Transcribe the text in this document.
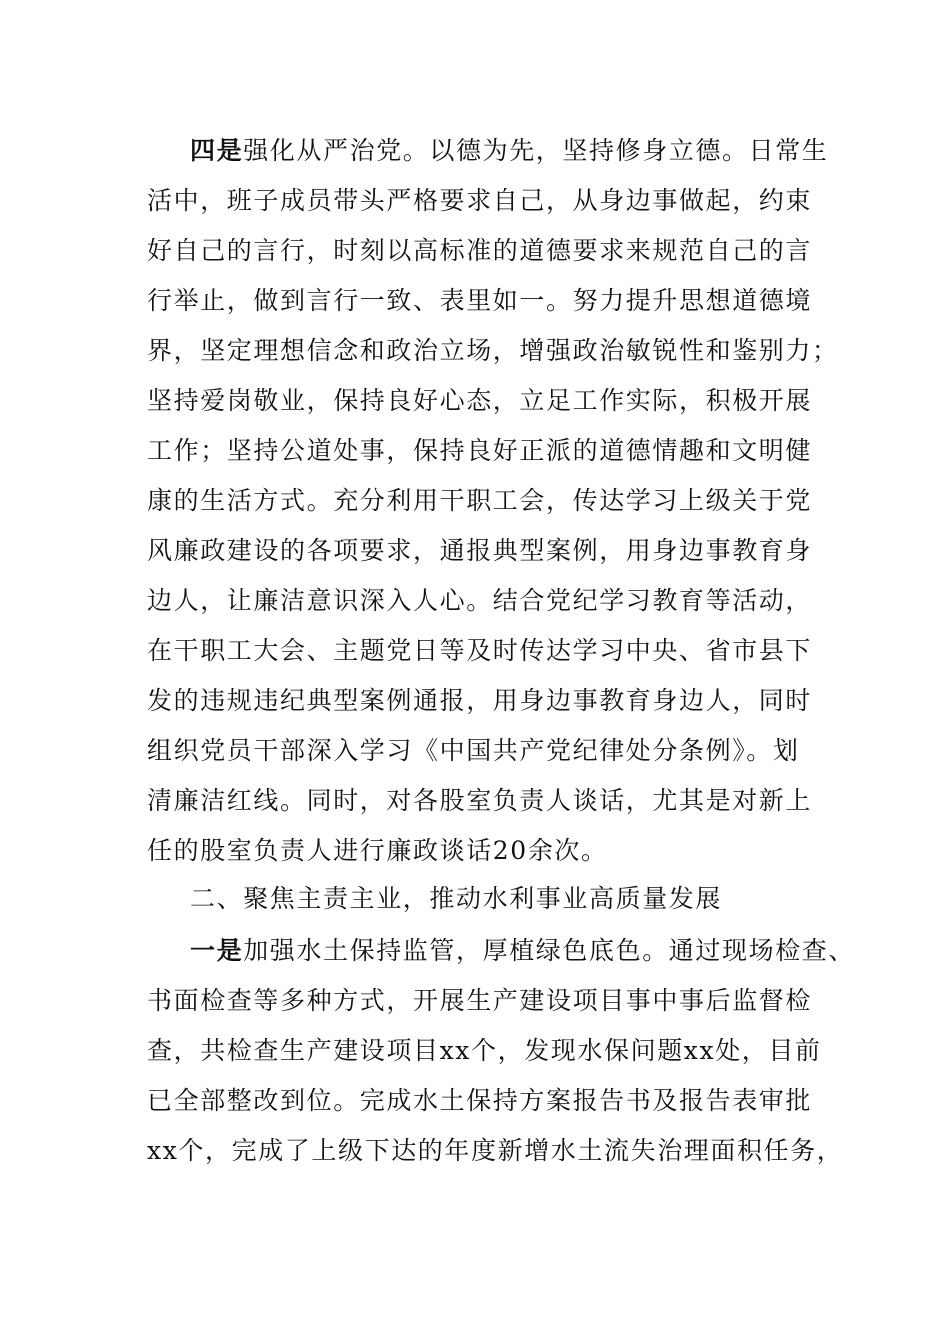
四是强化从严治党。以德为先，坚持修身立德。日常生
活中，班子成员带头严格要求自己，从身边事做起，约束
好自己的言行，时刻以高标准的道德要求来规范自己的言
行举止，做到言行一致、表里如一。努力提升思想道德境
界，坚定理想信念和政治立场，增强政治敏锐性和鉴别力；
坚持爱岗敬业，保持良好心态，立足工作实际，积极开展
工作；坚持公道处事，保持良好正派的道德情趣和文明健
康的生活方式。充分利用干职工会，传达学习上级关于党
风廉政建设的各项要求，通报典型案例，用身边事教育身
边人，让廉洁意识深入人心。结合党纪学习教育等活动，
在干职工大会、主题党日等及时传达学习中央、省市县下
发的违规违纪典型案例通报，用身边事教育身边人，同时
组织党员干部深入学习《中国共产党纪律处分条例》。划
清廉洁红线。同时，对各股室负责人谈话，尤其是对新上
任的股室负责人进行廉政谈话20余次。
二、聚焦主责主业，推动水利事业高质量发展
一是加强水土保持监管，厚植绿色底色。通过现场检查、
书面检查等多种方式，开展生产建设项目事中事后监督检
查，共检查生产建设项目xx个，发现水保问题xx处，目前
已全部整改到位。完成水土保持方案报告书及报告表审批
xx个，完成了上级下达的年度新增水土流失治理面积任务，
